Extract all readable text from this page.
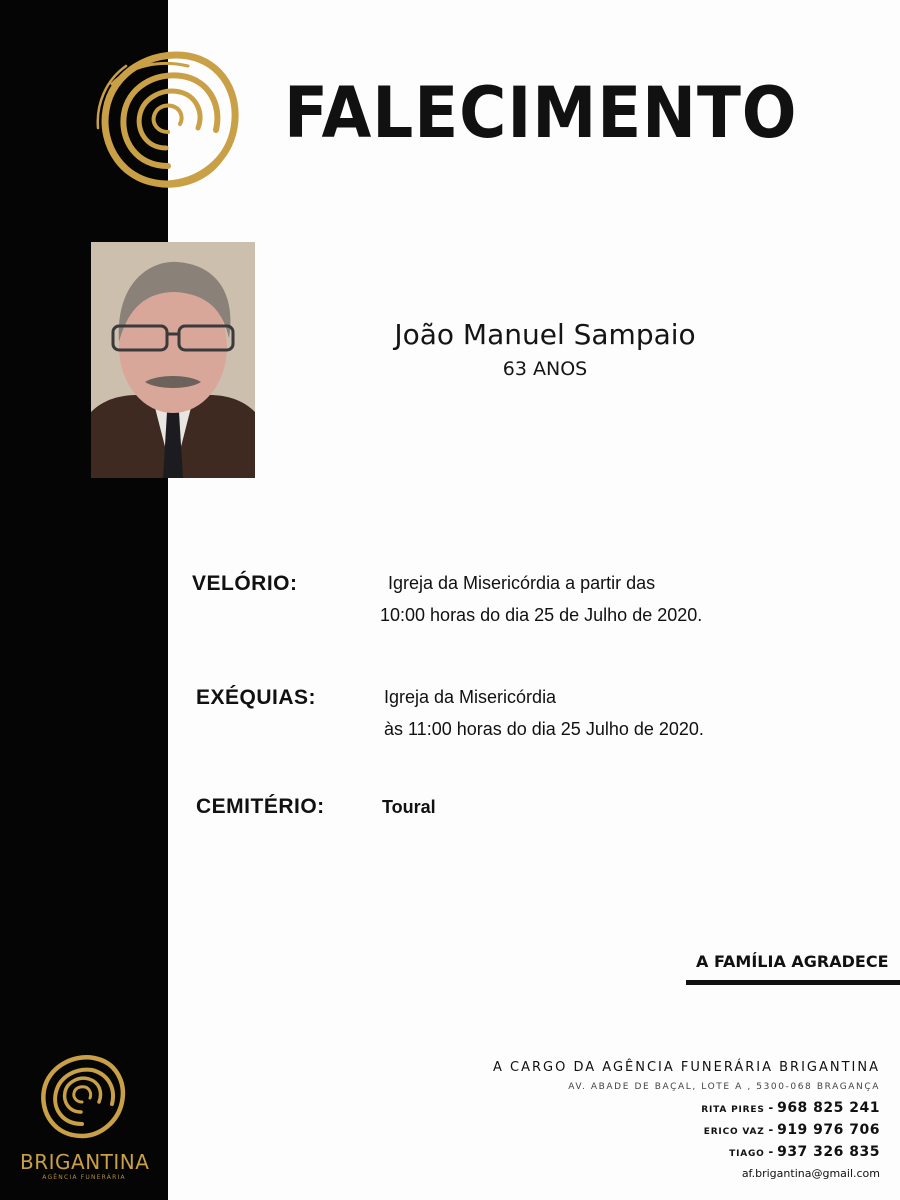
FALECIMENTO
João Manuel Sampaio
63 ANOS
VELÓRIO:	Igreja da Misericórdia a partir das
10:00 horas do dia 25 de Julho de 2020.
EXÉQUIAS:	Igreja da Misericórdia
às 11:00 horas do dia 25 Julho de 2020.
CEMITÉRIO:	Toural
A FAMÍLIA AGRADECE
A CARGO DA AGÊNCIA FUNERÁRIA BRIGANTINA
AV. ABADE DE BAÇAL, LOTE A , 5300-068 BRAGANÇA
RITA PIRES - 968 825 241
ERICO VAZ - 919 976 706
TIAGO - 937 326 835
af.brigantina@gmail.com
BRIGANTINA
AGÊNCIA FUNERÁRIA
